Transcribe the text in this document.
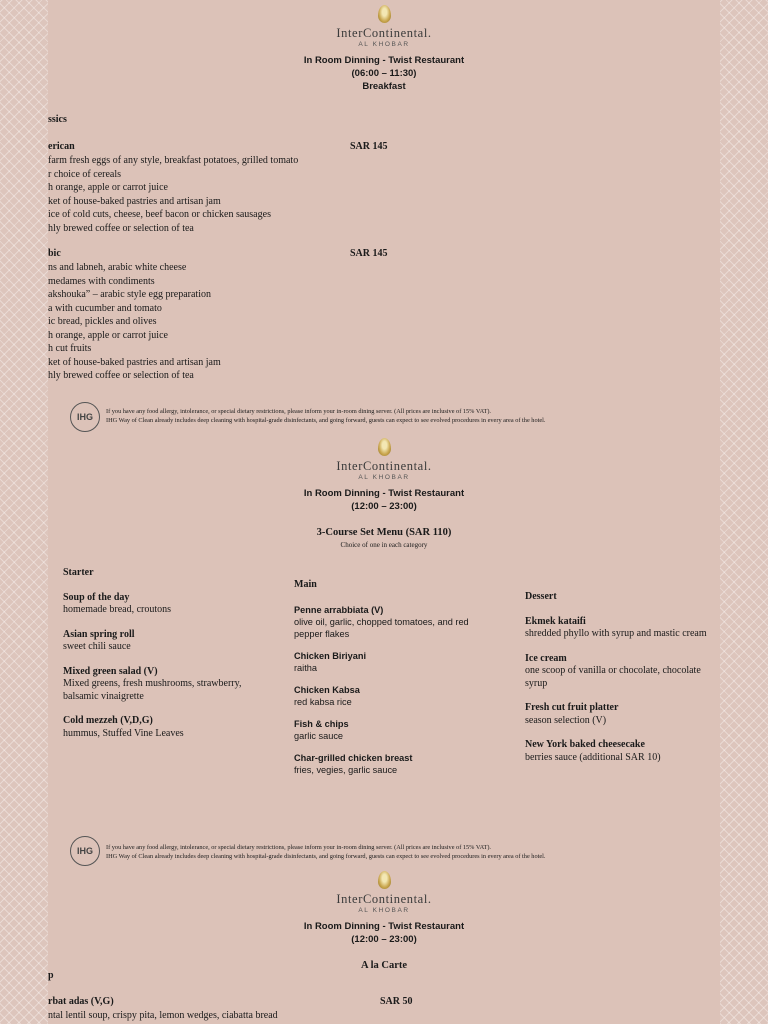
InterContinental.
AL KHOBAR
In Room Dinning - Twist Restaurant
(06:00 – 11:30)
Breakfast
ssics
erican	SAR 145
farm fresh eggs of any style, breakfast potatoes, grilled tomato
r choice of cereals
h orange, apple or carrot juice
ket of house-baked pastries and artisan jam
ice of cold cuts, cheese, beef bacon or chicken sausages
hly brewed coffee or selection of tea
bic	SAR 145
ns and labneh, arabic white cheese
medames with condiments
akshouka” – arabic style egg preparation
a with cucumber and tomato
ic bread, pickles and olives
h orange, apple or carrot juice
h cut fruits
ket of house-baked pastries and artisan jam
hly brewed coffee or selection of tea
IHG
If you have any food allergy, intolerance, or special dietary restrictions, please inform your in-room dining server. (All prices are inclusive of 15% VAT).
IHG Way of Clean already includes deep cleaning with hospital-grade disinfectants, and going forward, guests can expect to see evolved procedures in every area of the hotel.
InterContinental.
AL KHOBAR
In Room Dinning - Twist Restaurant
(12:00 – 23:00)
3-Course Set Menu (SAR 110)
Choice of one in each category
Starter
Soup of the day
homemade bread, croutons
Asian spring roll
sweet chili sauce
Mixed green salad (V)
Mixed greens, fresh mushrooms, strawberry, balsamic vinaigrette
Cold mezzeh (V,D,G)
hummus, Stuffed Vine Leaves
Main
Penne arrabbiata (V)
olive oil, garlic, chopped tomatoes, and red pepper flakes
Chicken Biriyani
raitha
Chicken Kabsa
red kabsa rice
Fish & chips
garlic sauce
Char-grilled chicken breast
fries, vegies, garlic sauce
Dessert
Ekmek kataifi
shredded phyllo with syrup and mastic cream
Ice cream
one scoop of vanilla or chocolate, chocolate syrup
Fresh cut fruit platter
season selection (V)
New York baked cheesecake
berries sauce (additional SAR 10)
IHG	If you have any food allergy, intolerance, or special dietary restrictions, please inform your in-room dining server. (All prices are inclusive of 15% VAT).
IHG Way of Clean already includes deep cleaning with hospital-grade disinfectants, and going forward, guests can expect to see evolved procedures in every area of the hotel.
InterContinental.
AL KHOBAR
In Room Dinning - Twist Restaurant
(12:00 – 23:00)
A la Carte
p
rbat adas (V,G)	SAR 50
ntal lentil soup, crispy pita, lemon wedges, ciabatta bread
